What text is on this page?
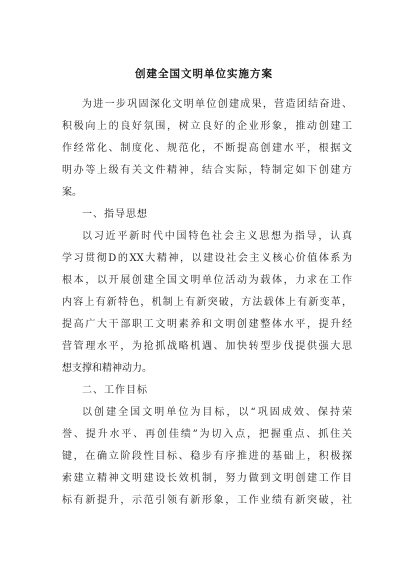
创建全国文明单位实施方案
为进一步巩固深化文明单位创建成果，营造团结奋进、
积极向上的良好氛围，树立良好的企业形象，推动创建工
作经常化、制度化、规范化，不断提高创建水平，根据文
明办等上级有关文件精神，结合实际，特制定如下创建方
案。
一、指导思想
以习近平新时代中国特色社会主义思想为指导，认真
学习贯彻D的XX大精神，以建设社会主义核心价值体系为
根本，以开展创建全国文明单位活动为载体，力求在工作
内容上有新特色，机制上有新突破，方法载体上有新变革，
提高广大干部职工文明素养和文明创建整体水平，提升经
营管理水平，为抢抓战略机遇、加快转型步伐提供强大思
想支撑和精神动力。
二、工作目标
以创建全国文明单位为目标，以“巩固成效、保持荣
誉、提升水平、再创佳绩”为切入点，把握重点、抓住关
键，在确立阶段性目标、稳步有序推进的基础上，积极探
索建立精神文明建设长效机制，努力做到文明创建工作目
标有新提升，示范引领有新形象，工作业绩有新突破，社
